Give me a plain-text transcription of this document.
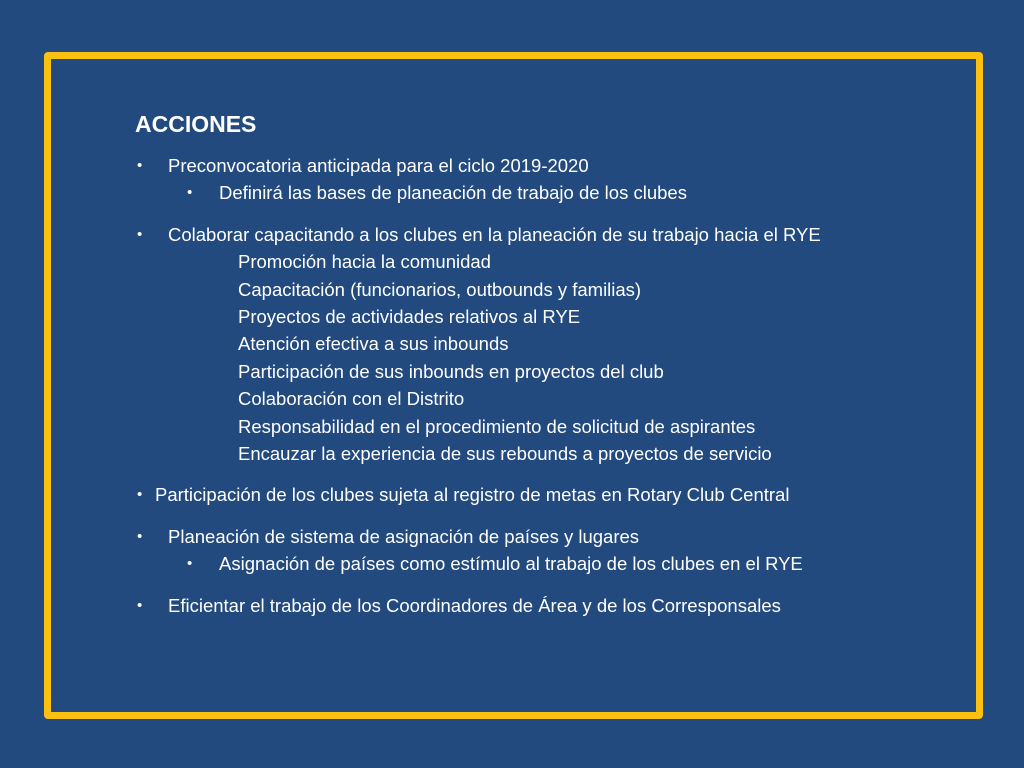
ACCIONES
• Preconvocatoria anticipada para el ciclo 2019-2020
• Definirá las bases de planeación de trabajo de los clubes
• Colaborar capacitando a los clubes en la planeación de su trabajo hacia el RYE
Promoción hacia la comunidad
Capacitación (funcionarios, outbounds y familias)
Proyectos de actividades relativos al RYE
Atención efectiva a sus inbounds
Participación de sus inbounds en proyectos del club
Colaboración con el Distrito
Responsabilidad en el procedimiento de solicitud de aspirantes
Encauzar la experiencia de sus rebounds a proyectos de servicio
• Participación de los clubes sujeta al registro de metas en Rotary Club Central
• Planeación de sistema de asignación de países y lugares
• Asignación de países como estímulo al trabajo de los clubes en el RYE
• Eficientar el trabajo de los Coordinadores de Área y de los Corresponsales
